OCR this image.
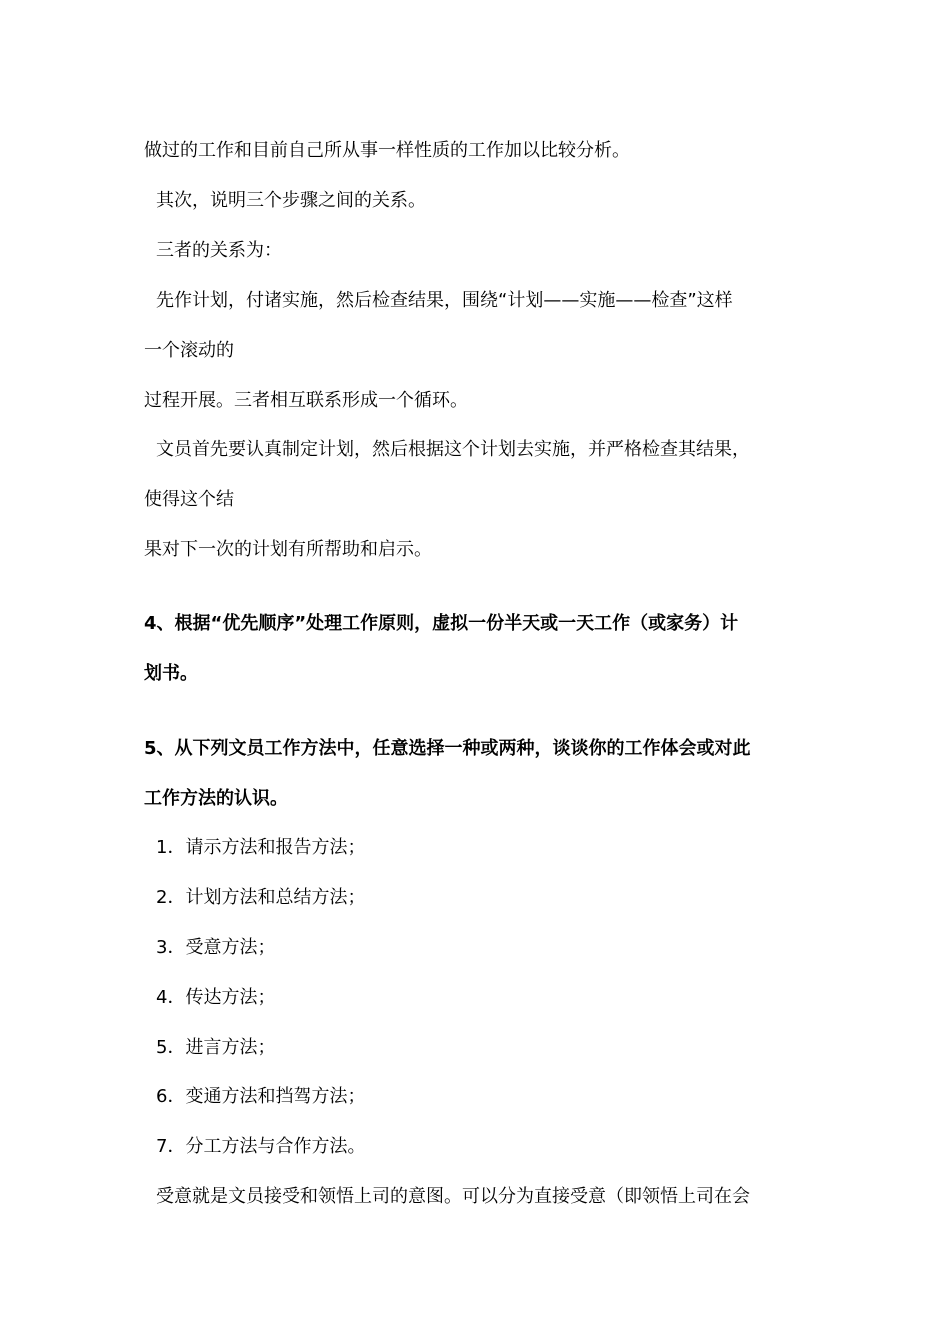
做过的工作和目前自己所从事一样性质的工作加以比较分析。
其次，说明三个步骤之间的关系。
三者的关系为：
先作计划，付诸实施，然后检查结果，围绕“计划——实施——检查”这样
一个滚动的
过程开展。三者相互联系形成一个循环。
文员首先要认真制定计划，然后根据这个计划去实施，并严格检查其结果，
使得这个结
果对下一次的计划有所帮助和启示。
4、根据“优先顺序”处理工作原则，虚拟一份半天或一天工作（或家务）计
划书。
5、从下列文员工作方法中，任意选择一种或两种，谈谈你的工作体会或对此
工作方法的认识。
1．请示方法和报告方法；
2．计划方法和总结方法；
3．受意方法；
4．传达方法；
5．进言方法；
6．变通方法和挡驾方法；
7．分工方法与合作方法。
受意就是文员接受和领悟上司的意图。可以分为直接受意（即领悟上司在会
